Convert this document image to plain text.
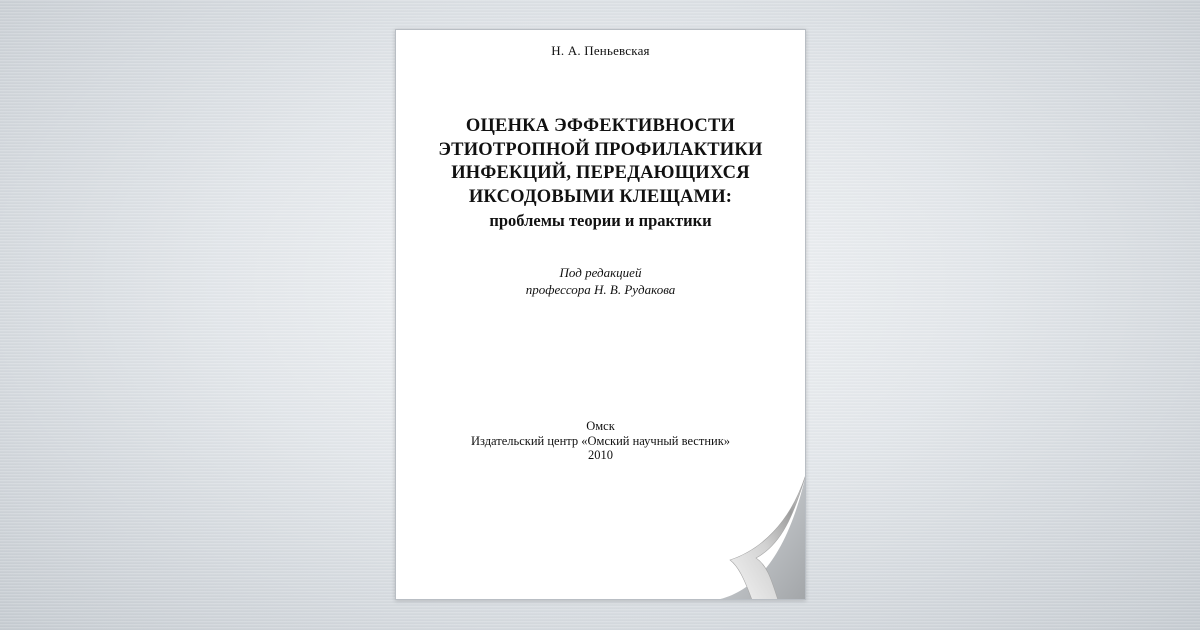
Н. А. Пеньевская
ОЦЕНКА ЭФФЕКТИВНОСТИ
ЭТИОТРОПНОЙ ПРОФИЛАКТИКИ
ИНФЕКЦИЙ, ПЕРЕДАЮЩИХСЯ
ИКСОДОВЫМИ КЛЕЩАМИ:
проблемы теории и практики
Под редакцией
профессора Н. В. Рудакова
Омск
Издательский центр «Омский научный вестник»
2010
